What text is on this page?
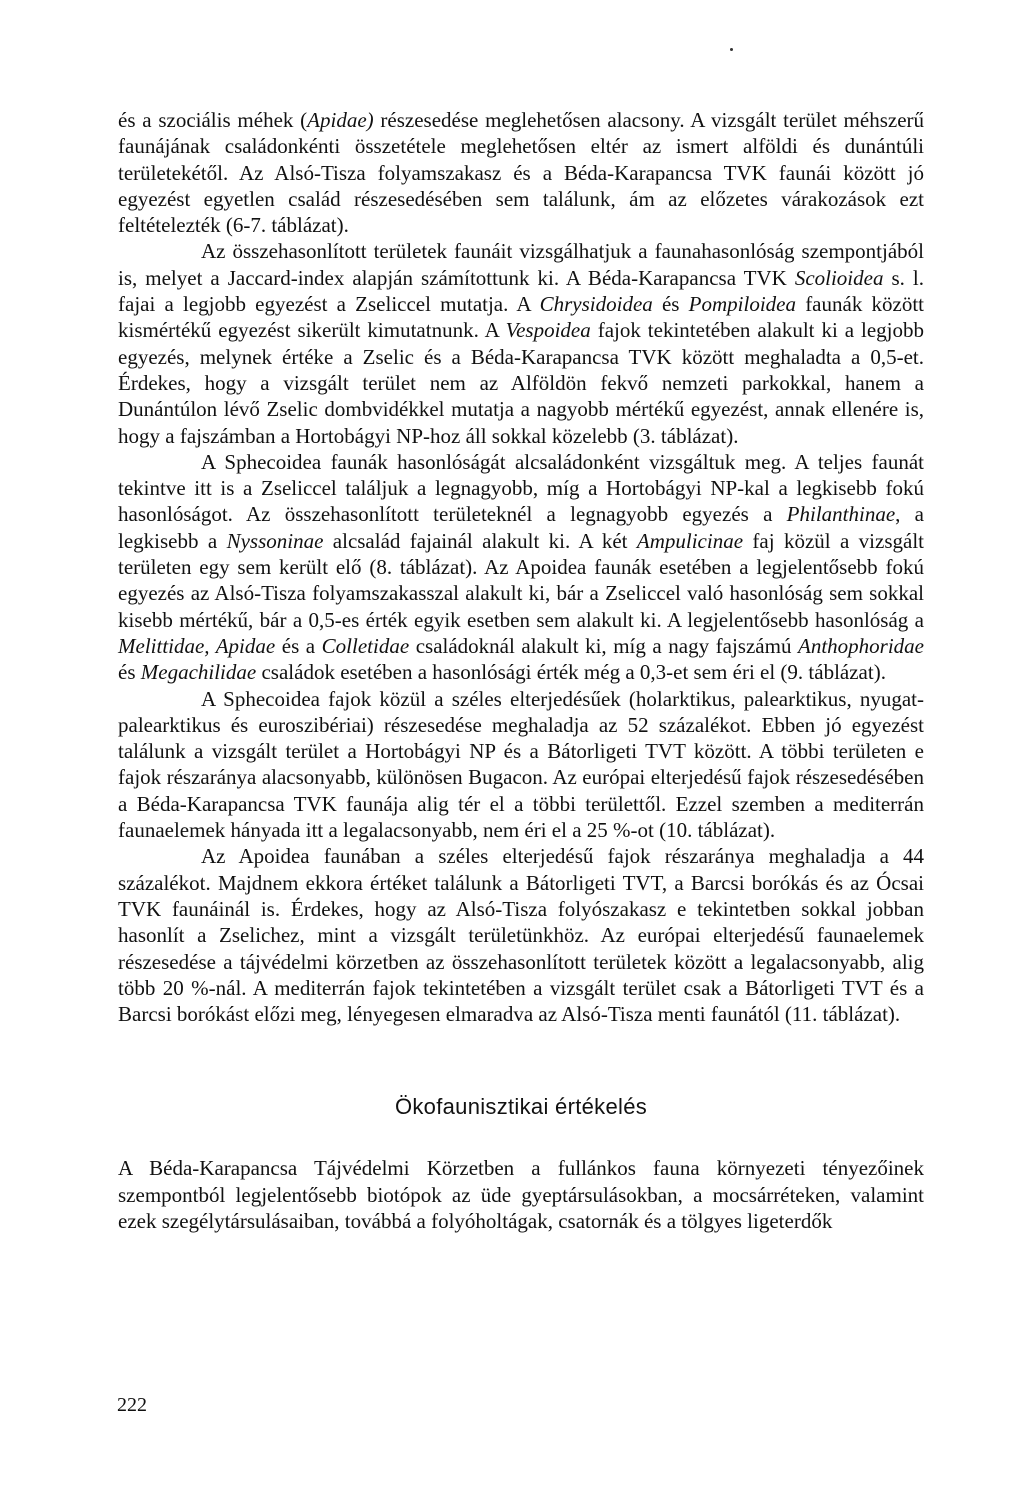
és a szociális méhek (Apidae) részesedése meglehetősen alacsony. A vizsgált terület méhszerű faunájának családonkénti összetétele meglehetősen eltér az ismert alföldi és dunántúli területekétől. Az Alsó-Tisza folyamszakasz és a Béda-Karapancsa TVK faunái között jó egyezést egyetlen család részesedésében sem találunk, ám az előzetes várakozások ezt feltételezték (6-7. táblázat).

Az összehasonlított területek faunáit vizsgálhatjuk a faunahasonlóság szempontjából is, melyet a Jaccard-index alapján számítottunk ki. A Béda-Karapancsa TVK Scolioidea s. l. fajai a legjobb egyezést a Zseliccel mutatja. A Chrysidoidea és Pompiloidea faunák között kismértékű egyezést sikerült kimutatnunk. A Vespoidea fajok tekintetében alakult ki a legjobb egyezés, melynek értéke a Zselic és a Béda-Karapancsa TVK között meghaladta a 0,5-et. Érdekes, hogy a vizsgált terület nem az Alföldön fekvő nemzeti parkokkal, hanem a Dunántúlon lévő Zselic dombvidékkel mutatja a nagyobb mértékű egyezést, annak ellenére is, hogy a fajszámban a Hortobágyi NP-hoz áll sokkal közelebb (3. táblázat).

A Sphecoidea faunák hasonlóságát alcsaládonként vizsgáltuk meg. A teljes faunát tekintve itt is a Zseliccel találjuk a legnagyobb, míg a Hortobágyi NP-kal a legkisebb fokú hasonlóságot. Az összehasonlított területeknél a legnagyobb egyezés a Philanthinae, a legkisebb a Nyssoninae alcsalád fajainál alakult ki. A két Ampulicinae faj közül a vizsgált területen egy sem került elő (8. táblázat). Az Apoidea faunák esetében a legjelentősebb fokú egyezés az Alsó-Tisza folyamszakasszal alakult ki, bár a Zseliccel való hasonlóság sem sokkal kisebb mértékű, bár a 0,5-es érték egyik esetben sem alakult ki. A legjelentősebb hasonlóság a Melittidae, Apidae és a Colletidae családoknál alakult ki, míg a nagy fajszámú Anthophoridae és Megachilidae családok esetében a hasonlósági érték még a 0,3-et sem éri el (9. táblázat).

A Sphecoidea fajok közül a széles elterjedésűek (holarktikus, palearktikus, nyugat-palearktikus és euroszibériai) részesedése meghaladja az 52 százalékot. Ebben jó egyezést találunk a vizsgált terület a Hortobágyi NP és a Bátorligeti TVT között. A többi területen e fajok részaránya alacsonyabb, különösen Bugacon. Az európai elterjedésű fajok részesedésében a Béda-Karapancsa TVK faunája alig tér el a többi területtől. Ezzel szemben a mediterrán faunaelemek hányada itt a legalacsonyabb, nem éri el a 25 %-ot (10. táblázat).

Az Apoidea faunában a széles elterjedésű fajok részaránya meghaladja a 44 százalékot. Majdnem ekkora értéket találunk a Bátorligeti TVT, a Barcsi borókás és az Ócsai TVK faunáinál is. Érdekes, hogy az Alsó-Tisza folyószakasz e tekintetben sokkal jobban hasonlít a Zselichez, mint a vizsgált területünkhöz. Az európai elterjedésű faunaelemek részesedése a tájvédelmi körzetben az összehasonlított területek között a legalacsonyabb, alig több 20 %-nál. A mediterrán fajok tekintetében a vizsgált terület csak a Bátorligeti TVT és a Barcsi borókást előzi meg, lényegesen elmaradva az Alsó-Tisza menti faunától (11. táblázat).

Ökofaunisztikai értékelés

A Béda-Karapancsa Tájvédelmi Körzetben a fullánkos fauna környezeti tényezőinek szempontból legjelentősebb biotópok az üde gyeptársulásokban, a mocsárréteken, valamint ezek szegélytársulásaiban, továbbá a folyóholtágak, csatornák és a tölgyes ligeterdők

222
